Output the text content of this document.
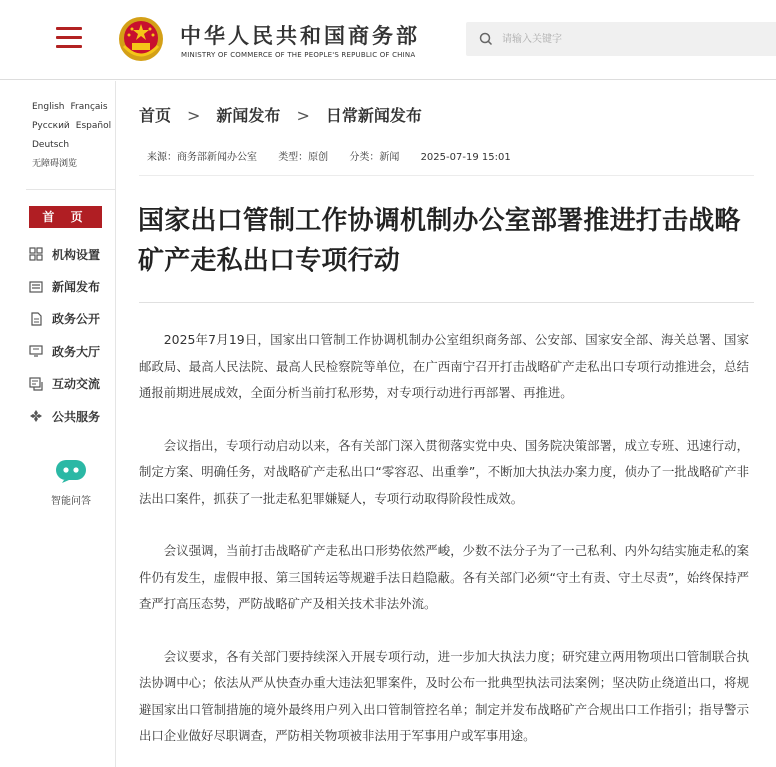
中华人民共和国商务部
MINISTRY OF COMMERCE OF THE PEOPLE'S REPUBLIC OF CHINA
请输入关键字
English Français
Русский Español
Deutsch
无障碍浏览
首 页
机构设置
新闻发布
政务公开
政务大厅
互动交流
公共服务
智能问答
首页 > 新闻发布 > 日常新闻发布
来源：商务部新闻办公室 类型：原创 分类：新闻 2025-07-19 15:01
国家出口管制工作协调机制办公室部署推进打击战略矿产走私出口专项行动

2025年7月19日，国家出口管制工作协调机制办公室组织商务部、公安部、国家安全部、海关总署、国家邮政局、最高人民法院、最高人民检察院等单位，在广西南宁召开打击战略矿产走私出口专项行动推进会，总结通报前期进展成效，全面分析当前打私形势，对专项行动进行再部署、再推进。

会议指出，专项行动启动以来，各有关部门深入贯彻落实党中央、国务院决策部署，成立专班、迅速行动，制定方案、明确任务，对战略矿产走私出口“零容忍、出重拳”，不断加大执法办案力度，侦办了一批战略矿产非法出口案件，抓获了一批走私犯罪嫌疑人，专项行动取得阶段性成效。

会议强调，当前打击战略矿产走私出口形势依然严峻，少数不法分子为了一己私利、内外勾结实施走私的案件仍有发生，虚假申报、第三国转运等规避手法日趋隐蔽。各有关部门必须“守土有责、守土尽责”，始终保持严查严打高压态势，严防战略矿产及相关技术非法外流。

会议要求，各有关部门要持续深入开展专项行动，进一步加大执法力度；研究建立两用物项出口管制联合执法协调中心；依法从严从快查办重大违法犯罪案件，及时公布一批典型执法司法案例；坚决防止绕道出口，将规避国家出口管制措施的境外最终用户列入出口管制管控名单；制定并发布战略矿产合规出口工作指引；指导警示出口企业做好尽职调查，严防相关物项被非法用于军事用户或军事用途。
